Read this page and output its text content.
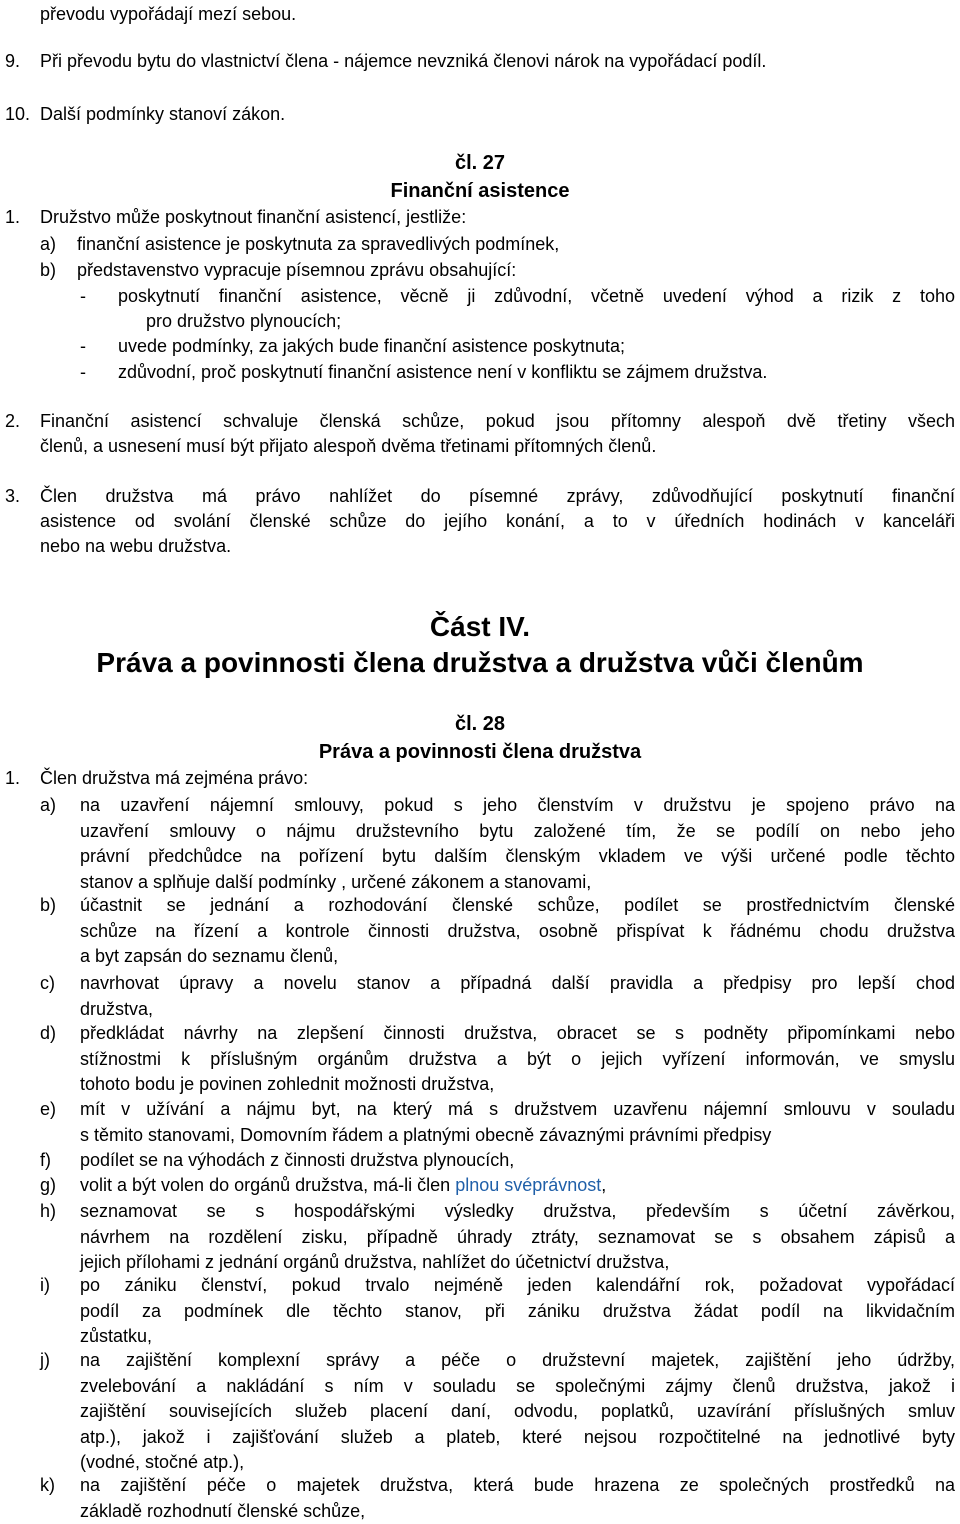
převodu vypořádají mezí sebou.
9. Při převodu bytu do vlastnictví člena - nájemce nevzniká členovi nárok na vypořádací podíl.
10. Další podmínky stanoví zákon.
čl. 27
Finanční asistence
1. Družstvo může poskytnout finanční asistencí, jestliže:
a) finanční asistence je poskytnuta za spravedlivých podmínek,
b) představenstvo vypracuje písemnou zprávu obsahující:
- poskytnutí finanční asistence, věcně ji zdůvodní, včetně uvedení výhod a rizik z toho
pro družstvo plynoucích;
- uvede podmínky, za jakých bude finanční asistence poskytnuta;
- zdůvodní, proč poskytnutí finanční asistence není v konfliktu se zájmem družstva.
2. Finanční asistencí schvaluje členská schůze, pokud jsou přítomny alespoň dvě třetiny všech
členů, a usnesení musí být přijato alespoň dvěma třetinami přítomných členů.
3. Člen družstva má právo nahlížet do písemné zprávy, zdůvodňující poskytnutí finanční
asistence od svolání členské schůze do jejího konání, a to v úředních hodinách v kanceláři
nebo na webu družstva.
Část IV.
Práva a povinnosti člena družstva a družstva vůči členům
čl. 28
Práva a povinnosti člena družstva
1. Člen družstva má zejména právo:
a) na uzavření nájemní smlouvy, pokud s jeho členstvím v družstvu je spojeno právo na
uzavření smlouvy o nájmu družstevního bytu založené tím, že se podílí on nebo jeho
právní předchůdce na pořízení bytu dalším členským vkladem ve výši určené podle těchto
stanov a splňuje další podmínky , určené zákonem a stanovami,
b) účastnit se jednání a rozhodování členské schůze, podílet se prostřednictvím členské
schůze na řízení a kontrole činnosti družstva, osobně přispívat k řádnému chodu družstva
a byt zapsán do seznamu členů,
c) navrhovat úpravy a novelu stanov a případná další pravidla a předpisy pro lepší chod
družstva,
d) předkládat návrhy na zlepšení činnosti družstva, obracet se s podněty připomínkami nebo
stížnostmi k příslušným orgánům družstva a být o jejich vyřízení informován, ve smyslu
tohoto bodu je povinen zohlednit možnosti družstva,
e) mít v užívání a nájmu byt, na který má s družstvem uzavřenu nájemní smlouvu v souladu
s těmito stanovami, Domovním řádem a platnými obecně závaznými právními předpisy
f) podílet se na výhodách z činnosti družstva plynoucích,
g) volit a být volen do orgánů družstva, má-li člen plnou svéprávnost,
h) seznamovat se s hospodářskými výsledky družstva, především s účetní závěrkou,
návrhem na rozdělení zisku, případně úhrady ztráty, seznamovat se s obsahem zápisů a
jejich přílohami z jednání orgánů družstva, nahlížet do účetnictví družstva,
i) po zániku členství, pokud trvalo nejméně jeden kalendářní rok, požadovat vypořádací
podíl za podmínek dle těchto stanov, při zániku družstva žádat podíl na likvidačním
zůstatku,
j) na zajištění komplexní správy a péče o družstevní majetek, zajištění jeho údržby,
zvelebování a nakládání s ním v souladu se společnými zájmy členů družstva, jakož i
zajištění souvisejících služeb placení daní, odvodu, poplatků, uzavírání příslušných smluv
atp.), jakož i zajišťování služeb a plateb, které nejsou rozpočtitelné na jednotlivé byty
(vodné, stočné atp.),
k) na zajištění péče o majetek družstva, která bude hrazena ze společných prostředků na
základě rozhodnutí členské schůze,
